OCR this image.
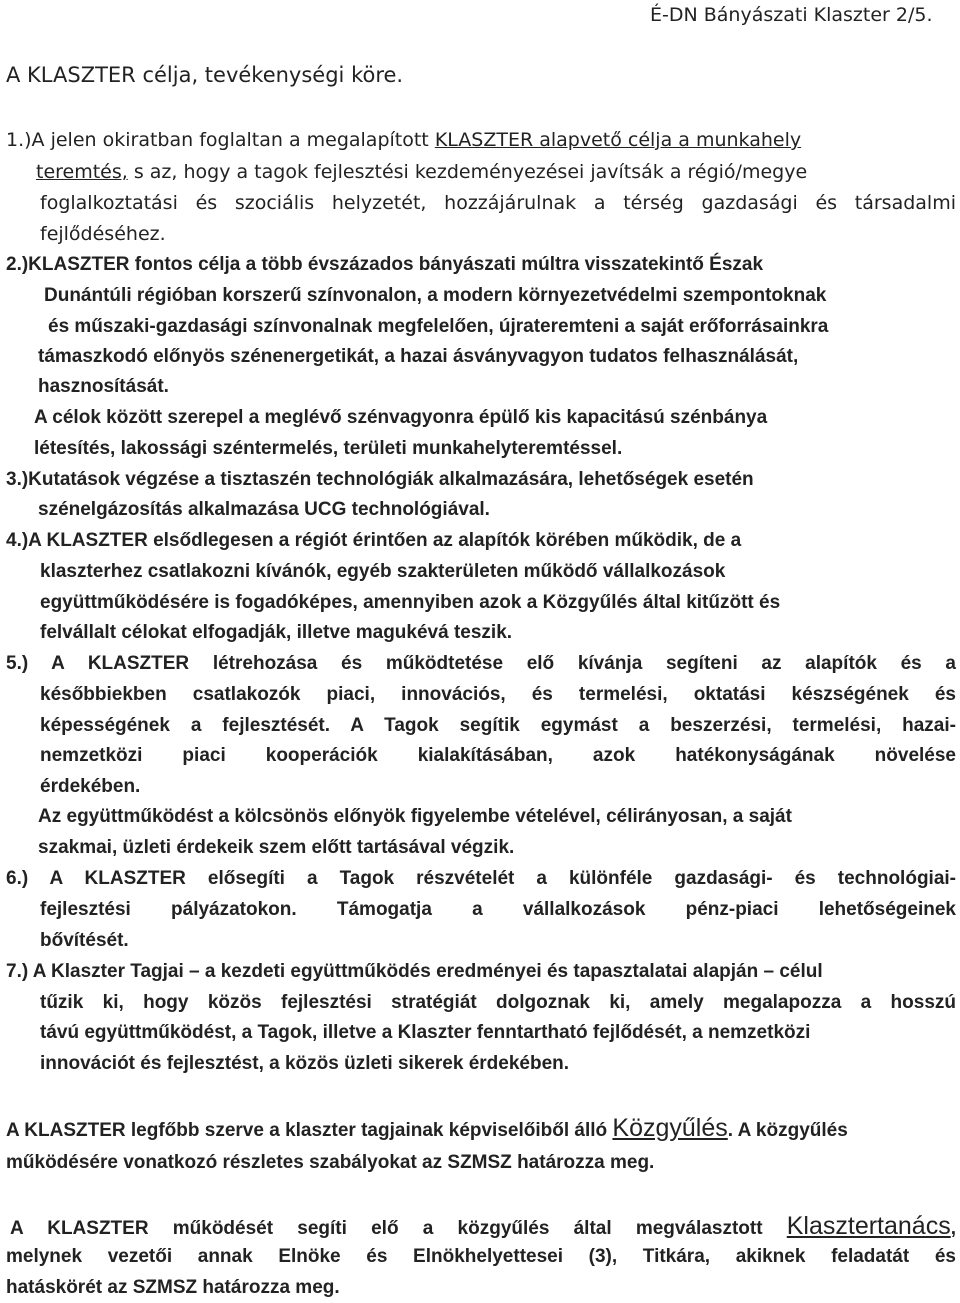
É-DN Bányászati Klaszter 2/5.
A KLASZTER célja, tevékenységi köre.
1.)A jelen okiratban foglaltan a megalapított KLASZTER alapvető célja a munkahely
teremtés, s az, hogy a tagok fejlesztési kezdeményezései javítsák a régió/megye
foglalkoztatási és szociális helyzetét, hozzájárulnak a térség gazdasági és társadalmi
fejlődéséhez.
2.)KLASZTER fontos célja a több évszázados bányászati múltra visszatekintő Észak
Dunántúli régióban korszerű színvonalon, a modern környezetvédelmi szempontoknak
és műszaki-gazdasági színvonalnak megfelelően, újrateremteni a saját erőforrásainkra
támaszkodó előnyös szénenergetikát, a hazai ásványvagyon tudatos felhasználását,
hasznosítását.
A célok között szerepel a meglévő szénvagyonra épülő kis kapacitású szénbánya
létesítés, lakossági széntermelés, területi munkahelyteremtéssel.
3.)Kutatások végzése a tisztaszén technológiák alkalmazására, lehetőségek esetén
szénelgázosítás alkalmazása UCG technológiával.
4.)A KLASZTER elsődlegesen a régiót érintően az alapítók körében működik, de a
klaszterhez csatlakozni kívánók, egyéb szakterületen működő vállalkozások
együttműködésére is fogadóképes, amennyiben azok a Közgyűlés által kitűzött és
felvállalt célokat elfogadják, illetve magukévá teszik.
5.) A KLASZTER létrehozása és működtetése elő kívánja segíteni az alapítók és a
későbbiekben csatlakozók piaci, innovációs, és termelési, oktatási készségének és
képességének a fejlesztését. A Tagok segítik egymást a beszerzési, termelési, hazai-
nemzetközi piaci kooperációk kialakításában, azok hatékonyságának növelése
érdekében.
Az együttműködést a kölcsönös előnyök figyelembe vételével, célirányosan, a saját
szakmai, üzleti érdekeik szem előtt tartásával végzik.
6.) A KLASZTER elősegíti a Tagok részvételét a különféle gazdasági- és technológiai-
fejlesztési pályázatokon. Támogatja a vállalkozások pénz-piaci lehetőségeinek
bővítését.
7.) A Klaszter Tagjai – a kezdeti együttműködés eredményei és tapasztalatai alapján – célul
tűzik ki, hogy közös fejlesztési stratégiát dolgoznak ki, amely megalapozza a hosszú
távú együttműködést, a Tagok, illetve a Klaszter fenntartható fejlődését, a nemzetközi
innovációt és fejlesztést, a közös üzleti sikerek érdekében.
A KLASZTER legfőbb szerve a klaszter tagjainak képviselőiből álló Közgyűlés. A közgyűlés
működésére vonatkozó részletes szabályokat az SZMSZ határozza meg.
A KLASZTER működését segíti elő a közgyűlés által megválasztott Klasztertanács,
melynek vezetői annak Elnöke és Elnökhelyettesei (3), Titkára, akiknek feladatát és
hatáskörét az SZMSZ határozza meg.
